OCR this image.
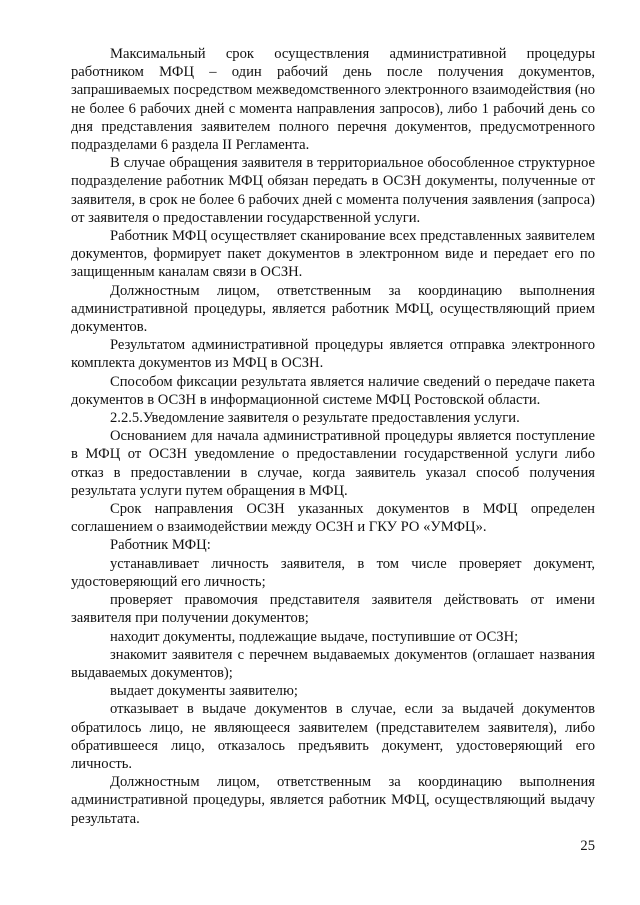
Максимальный срок осуществления административной процедуры работником МФЦ – один рабочий день после получения документов, запрашиваемых посредством межведомственного электронного взаимодействия (но не более 6 рабочих дней с момента направления запросов), либо 1 рабочий день со дня представления заявителем полного перечня документов, предусмотренного подразделами 6 раздела II Регламента.

В случае обращения заявителя в территориальное обособленное структурное подразделение работник МФЦ обязан передать в ОСЗН документы, полученные от заявителя, в срок не более 6 рабочих дней с момента получения заявления (запроса) от заявителя о предоставлении государственной услуги.

Работник МФЦ осуществляет сканирование всех представленных заявителем документов, формирует пакет документов в электронном виде и передает его по защищенным каналам связи в ОСЗН.

Должностным лицом, ответственным за координацию выполнения административной процедуры, является работник МФЦ, осуществляющий прием документов.

Результатом административной процедуры является отправка электронного комплекта документов из МФЦ в ОСЗН.

Способом фиксации результата является наличие сведений о передаче пакета документов в ОСЗН в информационной системе МФЦ Ростовской области.

2.2.5.Уведомление заявителя о результате предоставления услуги.

Основанием для начала административной процедуры является поступление в МФЦ от ОСЗН уведомление о предоставлении государственной услуги либо отказ в предоставлении в случае, когда заявитель указал способ получения результата услуги путем обращения в МФЦ.

Срок направления ОСЗН указанных документов в МФЦ определен соглашением о взаимодействии между ОСЗН и ГКУ РО «УМФЦ».

Работник МФЦ:

устанавливает личность заявителя, в том числе проверяет документ, удостоверяющий его личность;

проверяет правомочия представителя заявителя действовать от имени заявителя при получении документов;

находит документы, подлежащие выдаче, поступившие от ОСЗН;

знакомит заявителя с перечнем выдаваемых документов (оглашает названия выдаваемых документов);

выдает документы заявителю;

отказывает в выдаче документов в случае, если за выдачей документов обратилось лицо, не являющееся заявителем (представителем заявителя), либо обратившееся лицо, отказалось предъявить документ, удостоверяющий его личность.

Должностным лицом, ответственным за координацию выполнения административной процедуры, является работник МФЦ, осуществляющий выдачу результата.

25
